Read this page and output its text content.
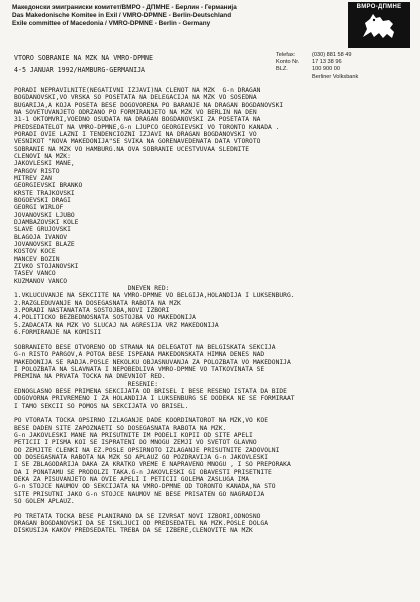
Македонски эмиграниски комитет/ВМРО - ДПМНЕ - Берлин - Германија
Das Makedonische Komitee in Exil / VMRO-DPMNE - Berlin-Deutschland
Exile committee of Macedonia / VMRO-DPMNE - Berlin - Germany
ВМРО-ДПМНЕ
VTORO SOBRANIE NA MZK NA VMRO-DPMNE
4-5 JANUAR 1992/HAMBURG-GERMANIJA
Telefax:	(030) 881 58 49
Konto Nr.	17 13 38 96
BLZ.	100 900 00
Berliner Volksbank
PORADI NEPRAVILNITE(NEGATIVNI IZJAVI)NA CLENOT NA MZK  G-n DRAGAN
BOGDANOVSKI,VO VRSKA SO POSETATA NA DELEGACIJA NA MZK VO SOSEDNA
BUGARIJA,A KOJA POSETA BESE DOGOVORENA PO BARANJE NA DRAGAN BOGDANOVSKI
NA SOVETUVANJETO ODRZANO PO FORMIRANJETO NA MZK VO BERLIN NA DEN
31-1 OKTOMVRI,VOEDNO OSUDATA NA DRAGAN BOGDANOVSKI ZA POSETATA NA
PREDSEDATELOT NA VMRO-DPMNE,G-n LJUPCO GEORGIEVSKI VO TORONTO KANADA .
PORADI OVIE LAZNI I TENDENCIOZNI IZJAVI NA DRAGAN BOGDANOVSKI VO
VESNIKOT "NOVA MAKEDONIJA"SE SVIKA NA GORENAVEDENATA DATA VTOROTO
SOBRANIE NA MZK VO HAMBURG.NA OVA SOBRANIE UCESTVUVAA SLEDNITE
CLENOVI NA MZK:
JAKOVLESKI MANE,
PARGOV RISTO
MITREV ZAN
GEORGIEVSKI BRANKO
KRSTE TRAJKOVSKI
BOGOEVSKI DRAGI
GEORGI WIRLOF
JOVANOVSKI LJUBO
DJAMBAZOVSKI KOLE
SLAVE GRUJOVSKI
BLAGOJA IVANOV
JOVANOVSKI BLAZE
KOSTOV KOCE
MANCEV BOZIN
ZIVKO STOJANOVSKI
TASEV VANCO
KUZMANOV VANCO
DNEVEN RED:
1.VKLUCUVANJE NA SEKCIITE NA VMRO-DPMNE VO BELGIJA,HOLANDIJA I LUKSENBURG.
2.RAZGLEDUVANJE NA DOSEGASNATA RABOTA NA MZK
3.PORADI NASTANATATA SOSTOJBA,NOVI IZBORI
4.POLITICKO BEZBEDNOSNATA SOSTOJBA VO MAKEDONIJA
5.ZADACATA NA MZK VO SLUCAJ NA AGRESIJA VRZ MAKEDONIJA
6.FORMIRANJE NA KOMISII
SOBRANIETO BESE OTVORENO OD STRANA NA DELEGATOT NA BELGISKATA SEKCIJA
G-n RISTO PARGOV,A POTOA BESE ISPEANA MAKEDONSKATA HIMNA DENES NAD
MAKEDONIJA SE RADJA.POSLE NEKOLKU OBJASNUVANJA ZA POLOZBATA VO MAKEDONIJA
I POLOZBATA NA SLAVNATA I NEPOBEDLIVA VMRO-DPMNE VO TATKOVINATA SE
PREMINA NA PRVATA TOCKA NA DNEVNIOT RED.
RESENIE:
EDNOGLASNO BESE PRIMENA SEKCIJATA OD BRISEL I BESE RESENO ISTATA DA BIDE
ODGOVORNA PRIVREMENO I ZA HOLANDIJA I LUKSENBURG SE DODEKA NE SE FORMIRAAT
I TAMO SEKCII SO POMOS NA SEKCIJATA VO BRISEL.
PO VTORATA TOCKA OPSIRNO IZLAGANJE DADE KOORDINATOROT NA MZK,VO KOE
BESE DADEN SITE ZAPOZNAETI SO DOSEGASNATA RABOTA NA MZK.
G-n JAKOVLESKI MANE NA PRISUTNITE IM PODELI KOPII OD SITE APELI
PETICII I PISMA KOI SE ISPRATENI DO MNOGU ZEMJI VO SVETOT GLAVNO
DO ZEMJITE CLENKI NA EZ.POSLE OPSIRNOTO IZLAGANJE PRISUTNITE ZADOVOLNI
OD DOSEGASNATA RABOTA NA MZK SO APLAUZ GO POZDRAVIJA G-n JAKOVLESKI
I SE ZBLAGODARIJA DAKA ZA KRATKO VREME E NAPRAVENO MNOGU , I SO PREPORAKA
DA I PONATAMU SE PRODOLZI TAKA.G-n JAKOVLESKI GI OBAVESTI PRISETNITE
DEKA ZA PISUVANJETO NA OVIE APELI I PETICII GOLEMA ZASLUGA IMA
G-n STOJCE NAUMOV OD SEKCIJATA NA VMRO-DPMNE OD TORONTO KANADA,NA STO
SITE PRISUTNI JAKO G-n STOJCE NAUMOV NE BESE PRISATEN GO NAGRADIJA
SO GOLEM APLAUZ.
PO TRETATA TOCKA BESE PLANIRANO DA SE IZVRSAT NOVI IZBORI,ODNOSNO
DRAGAN BOGDANOVSKI DA SE ISKLJUCI OD PREDSEDATEL NA MZK.POSLE DOLGA
DISKUSIJA KAKOV PREDSEDATEL TREBA DA SE IZBERE,CLENOVITE NA MZK
